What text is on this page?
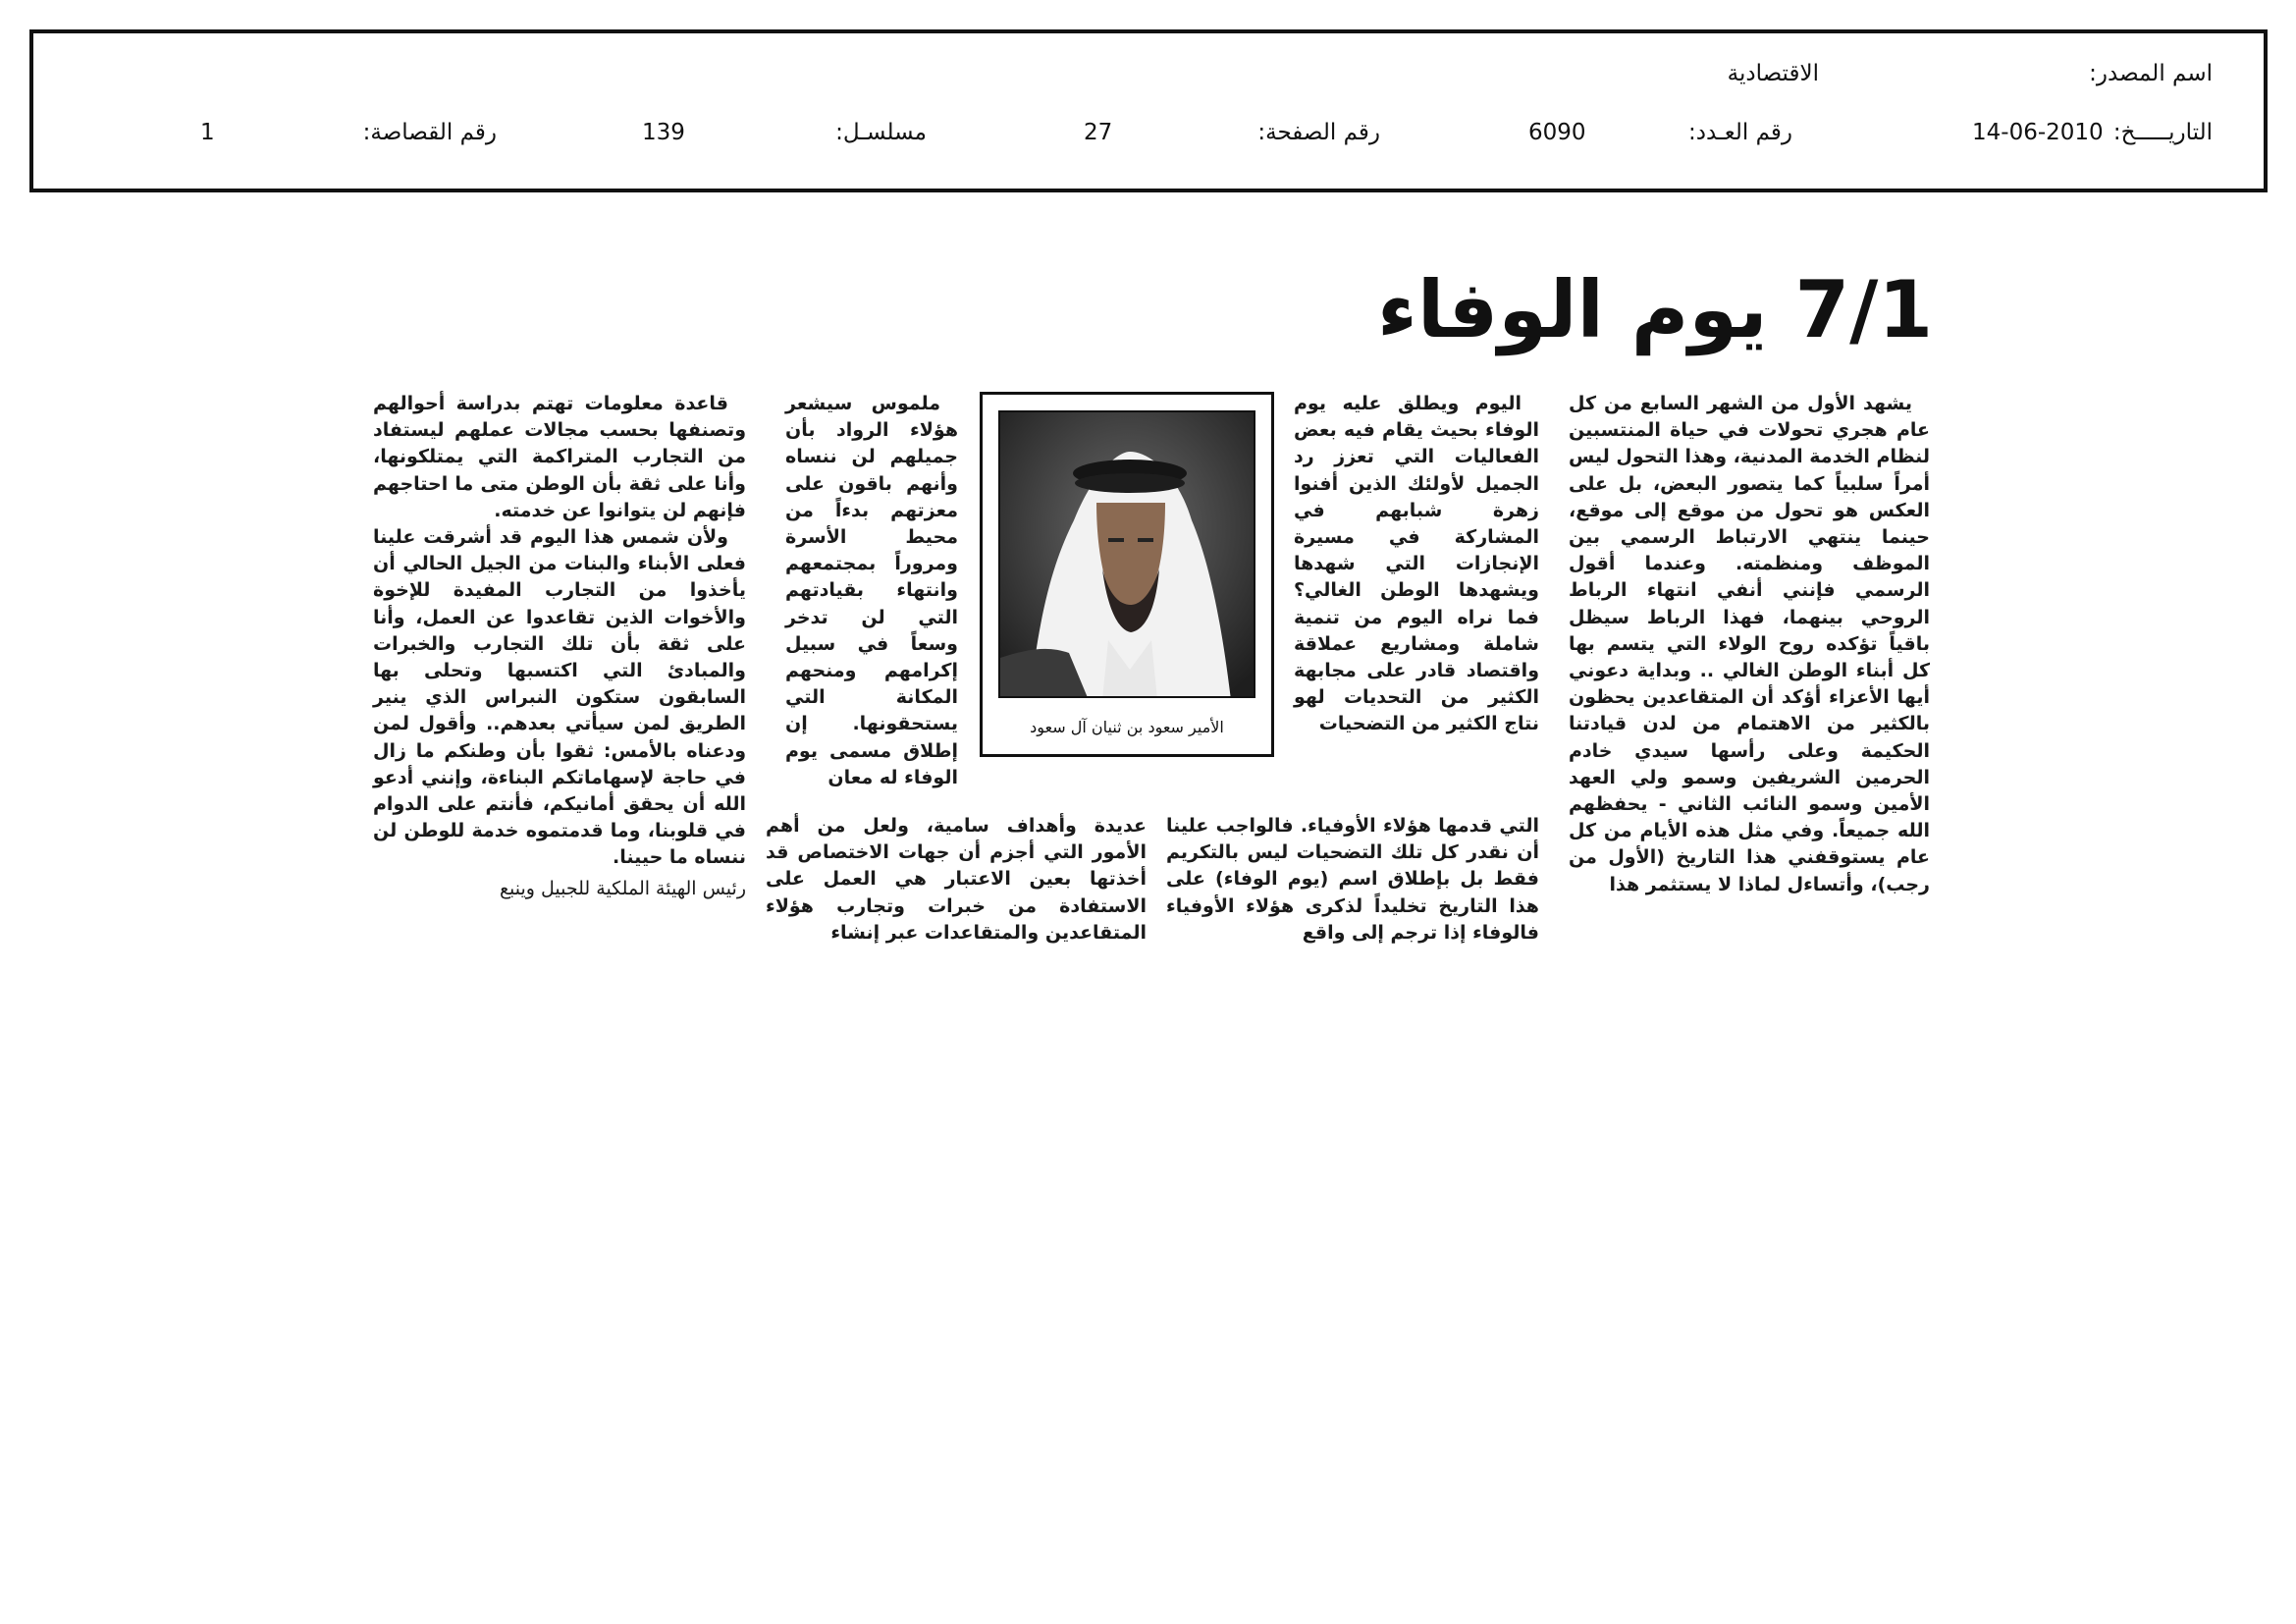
اسم المصدر:
الاقتصادية
التاريـــــخ:
14-06-2010
رقم العـدد:
6090
رقم الصفحة:
27
مسلسـل:
139
رقم القصاصة:
1
7/1 يوم الوفاء

يشهد الأول من الشهر السابع من كل عام هجري تحولات في حياة المنتسبين لنظام الخدمة المدنية، وهذا التحول ليس أمراً سلبياً كما يتصور البعض، بل على العكس هو تحول من موقع إلى موقع، حينما ينتهي الارتباط الرسمي بين الموظف ومنظمته. وعندما أقول الرسمي فإنني أنفي انتهاء الرباط الروحي بينهما، فهذا الرباط سيظل باقياً تؤكده روح الولاء التي يتسم بها كل أبناء الوطن الغالي .. وبداية دعوني أيها الأعزاء أؤكد أن المتقاعدين يحظون بالكثير من الاهتمام من لدن قيادتنا الحكيمة وعلى رأسها سيدي خادم الحرمين الشريفين وسمو ولي العهد الأمين وسمو النائب الثاني - يحفظهم الله جميعاً. وفي مثل هذه الأيام من كل عام يستوقفني هذا التاريخ (الأول من رجب)، وأتساءل لماذا لا يستثمر هذا

اليوم ويطلق عليه يوم الوفاء بحيث يقام فيه بعض الفعاليات التي تعزز رد الجميل لأولئك الذين أفنوا زهرة شبابهم في المشاركة في مسيرة الإنجازات التي شهدها ويشهدها الوطن الغالي؟ فما نراه اليوم من تنمية شاملة ومشاريع عملاقة واقتصاد قادر على مجابهة الكثير من التحديات لهو نتاج الكثير من التضحيات

التي قدمها هؤلاء الأوفياء. فالواجب علينا أن نقدر كل تلك التضحيات ليس بالتكريم فقط بل بإطلاق اسم (يوم الوفاء) على هذا التاريخ تخليداً لذكرى هؤلاء الأوفياء فالوفاء إذا ترجم إلى واقع

الأمير سعود بن ثنيان آل سعود

ملموس سيشعر هؤلاء الرواد بأن جميلهم لن ننساه وأنهم باقون على معزتهم بدءاً من محيط الأسرة ومروراً بمجتمعهم وانتهاء بقيادتهم التي لن تدخر وسعاً في سبيل إكرامهم ومنحهم المكانة التي يستحقونها. إن إطلاق مسمى يوم الوفاء له معان

عديدة وأهداف سامية، ولعل من أهم الأمور التي أجزم أن جهات الاختصاص قد أخذتها بعين الاعتبار هي العمل على الاستفادة من خبرات وتجارب هؤلاء المتقاعدين والمتقاعدات عبر إنشاء

قاعدة معلومات تهتم بدراسة أحوالهم وتصنفها بحسب مجالات عملهم ليستفاد من التجارب المتراكمة التي يمتلكونها، وأنا على ثقة بأن الوطن متى ما احتاجهم فإنهم لن يتوانوا عن خدمته.

ولأن شمس هذا اليوم قد أشرقت علينا فعلى الأبناء والبنات من الجيل الحالي أن يأخذوا من التجارب المفيدة للإخوة والأخوات الذين تقاعدوا عن العمل، وأنا على ثقة بأن تلك التجارب والخبرات والمبادئ التي اكتسبها وتحلى بها السابقون ستكون النبراس الذي ينير الطريق لمن سيأتي بعدهم.. وأقول لمن ودعناه بالأمس: ثقوا بأن وطنكم ما زال في حاجة لإسهاماتكم البناءة، وإنني أدعو الله أن يحقق أمانيكم، فأنتم على الدوام في قلوبنا، وما قدمتموه خدمة للوطن لن ننساه ما حيينا.

رئيس الهيئة الملكية للجبيل وينبع
